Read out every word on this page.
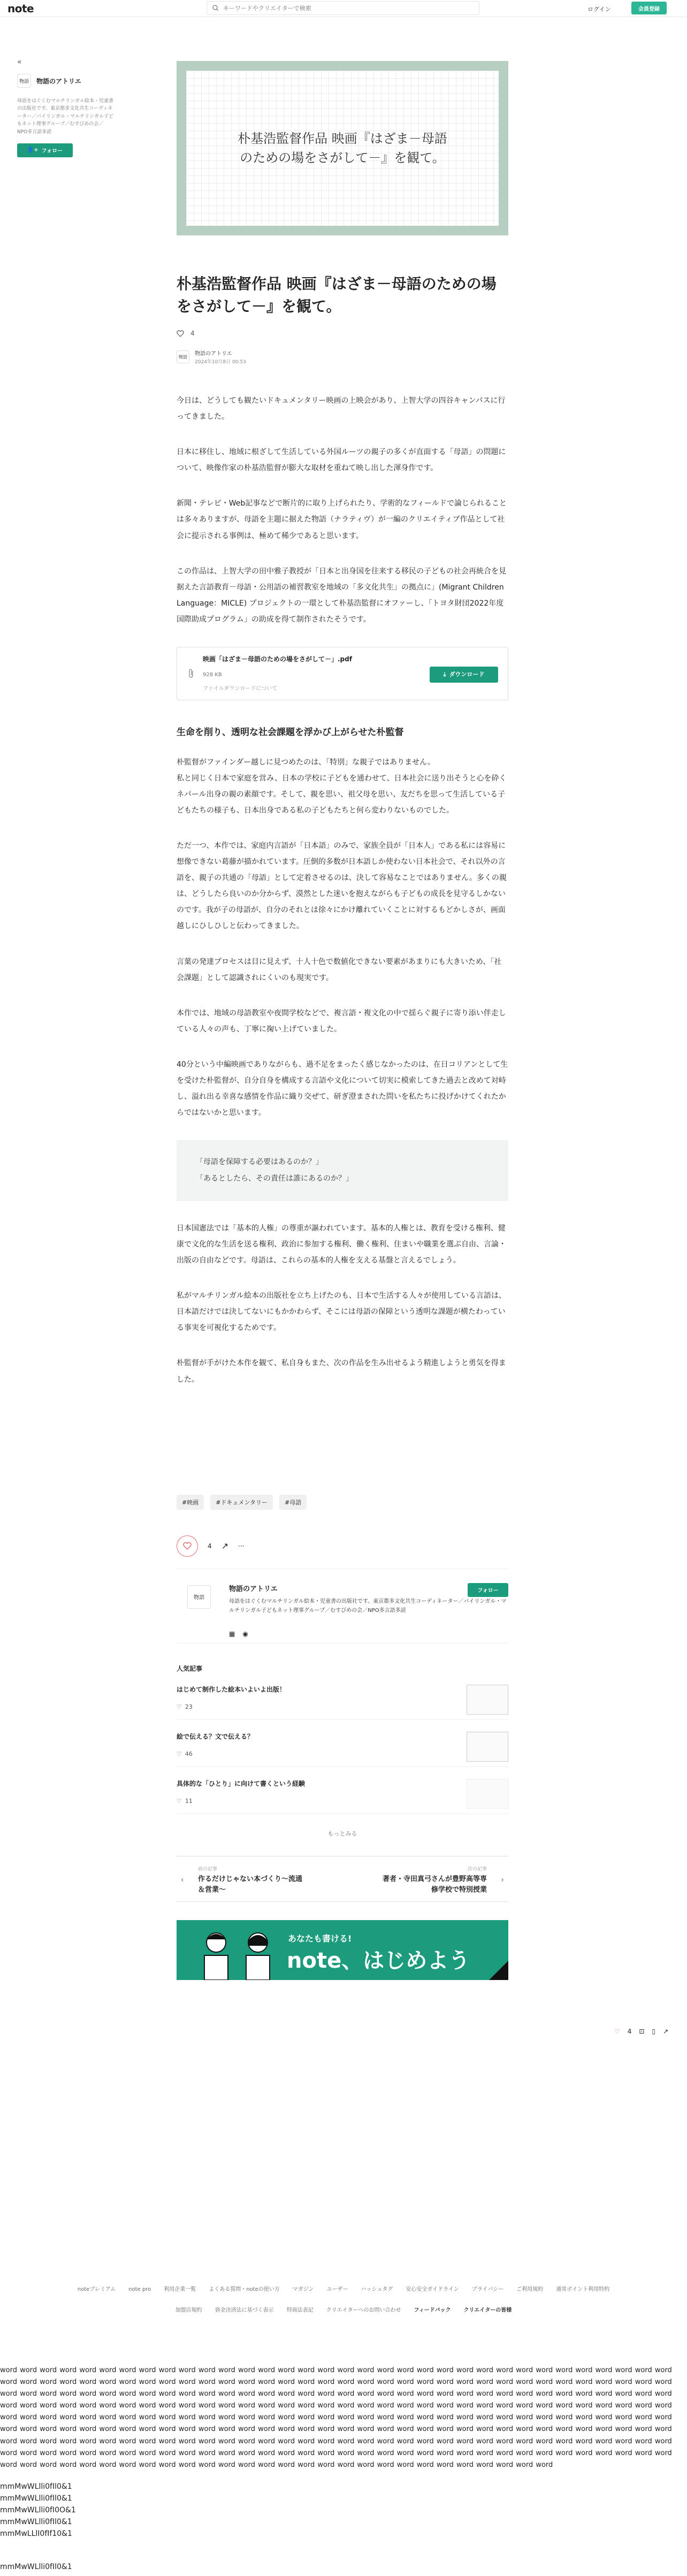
note
キーワードやクリエイターで検索	ログイン	会員登録
«
物語	物語のアトリエ
母語をはぐくむマルチリンガル絵本・児童書の出版社です。東京都多文化共生コーディネーター／バイリンガル・マルチリンガル子どもネット理事グループ／むすびめの会／NPO多言語多読
👤+ フォロー
朴基浩監督作品 映画『はざま－母語
のための場をさがして－』を観て。
朴基浩監督作品 映画『はざま－母語のための場をさがして－』を観て。
4
物語	物語のアトリエ
2024年10月8日 00:53

今日は、どうしても観たいドキュメンタリー映画の上映会があり、上智大学の四谷キャンパスに行ってきました。

日本に移住し、地域に根ざして生活している外国ルーツの親子の多くが直面する「母語」の問題について、映像作家の朴基浩監督が膨大な取材を重ねて映し出した渾身作です。

新聞・テレビ・Web記事などで断片的に取り上げられたり、学術的なフィールドで論じられることは多々ありますが、母語を主題に据えた物語（ナラティヴ）が一編のクリエイティブ作品として社会に提示される事例は、極めて稀少であると思います。

この作品は、上智大学の田中雅子教授が「日本と出身国を往来する移民の子どもの社会再統合を見据えた言語教育－母語・公用語の補習教室を地域の「多文化共生」の拠点に」(Migrant Children Language：MICLE) プロジェクトの一環として朴基浩監督にオファーし、「トヨタ財団2022年度国際助成プログラム」の助成を得て制作されたそうです。

映画「はざま－母語のための場をさがして－」.pdf
928 KB
ファイルダウンロードについて
⤓ ダウンロード
生命を削り、透明な社会課題を浮かび上がらせた朴監督

朴監督がファインダー越しに見つめたのは、「特別」な親子ではありません。
私と同じく日本で家庭を営み、日本の学校に子どもを通わせて、日本社会に送り出そうと心を砕くネパール出身の親の素顔です。そして、親を思い、祖父母を思い、友だちを思って生活している子どもたちの様子も、日本出身である私の子どもたちと何ら変わりないものでした。

ただ一つ、本作では、家庭内言語が「日本語」のみで、家族全員が「日本人」である私には容易に想像できない葛藤が描かれています。圧倒的多数が日本語しか使わない日本社会で、それ以外の言語を、親子の共通の「母語」として定着させるのは、決して容易なことではありません。多くの親は、どうしたら良いのか分からず、漠然とした迷いを抱えながらも子どもの成長を見守るしかないのです。我が子の母語が、自分のそれとは徐々にかけ離れていくことに対するもどかしさが、画面越しにひしひしと伝わってきました。

言葉の発達プロセスは目に見えず、十人十色で数値化できない要素があまりにも大きいため、「社会課題」として認識されにくいのも現実です。

本作では、地域の母語教室や夜間学校などで、複言語・複文化の中で揺らぐ親子に寄り添い伴走している人々の声も、丁寧に掬い上げていました。

40分という中編映画でありながらも、過不足をまったく感じなかったのは、在日コリアンとして生を受けた朴監督が、自分自身を構成する言語や文化について切実に模索してきた過去と改めて対峙し、溢れ出る幸喜な感情を作品に織り交ぜて、研ぎ澄まされた問いを私たちに投げかけてくれたからではないかと思います。

「母語を保障する必要はあるのか？」
「あるとしたら、その責任は誰にあるのか？」

日本国憲法では「基本的人権」の尊重が謳われています。基本的人権とは、教育を受ける権利、健康で文化的な生活を送る権利、政治に参加する権利、働く権利、住まいや職業を選ぶ自由、言論・出版の自由などです。母語は、これらの基本的人権を支える基盤と言えるでしょう。

私がマルチリンガル絵本の出版社を立ち上げたのも、日本で生活する人々が使用している言語は、日本語だけでは決してないにもかかわらず、そこには母語の保障という透明な課題が横たわっている事実を可視化するためです。

朴監督が手がけた本作を観て、私自身もまた、次の作品を生み出せるよう精進しようと勇気を得ました。

#映画	#ドキュメンタリー	#母語
4 ↗ ···
物語
物語のアトリエ
母語をはぐくむマルチリンガル絵本・児童書の出版社です。東京都多文化共生コーディネーター／バイリンガル・マルチリンガル子どもネット理事グループ／むすびめの会／NPO多言語多読
フォロー
▦ ◉
人気記事
はじめて制作した絵本いよいよ出版！
♡ 23
絵で伝える？文で伝える？
♡ 46
具体的な「ひとり」に向けて書くという経験
♡ 11
もっとみる
‹
前の記事
作るだけじゃない本づくり～流通
＆営業～
次の記事
著者・寺田真弓さんが豊野高等専
修学校で特別授業
›
あなたも書ける!
note、はじめよう
♡ 4 ⊡ ▯ ↗
noteプレミアム note pro 利用企業一覧 よくある質問・noteの使い方 マガジン ユーザー ハッシュタグ 安心安全ガイドライン プライバシー ご利用規約 通常ポイント利用特約
加盟店規約 資金決済法に基づく表示 特商法表記 クリエイターへのお問い合わせ フィードバック クリエイターの皆様
word word word word word word word word word word word word word word word word word word word word word word word word word word word word word word word word word word word word word word word word word word word word word word word word word word word word word word word word word word word word word word word word word word word word word word word word word word word word word word word word word word word word word word word word word word word word word word word word word word word word word word word word word word word word word word word word word word word word word word word word word word word word word word word word word word word word word word word word word word word word word word word word word word word word word word word word word word word word word word word word word word word word word word word word word word word word word word word word word word word word word word word word word word word word word word word word word word word word word word word word word word word word word word word word word word word word word word word word word word word word word word word word word word word word word word word word word word word word word word word word word word word word word word word word word word word word word word word word word word word word word word word word word word word word word word word word word word word word word word word word word word word word word word word word word word word word word word word word word word word word
mmMwWLlli0fIl0&1
mmMwWLlli0fIl0&1
mmMwWLlli0fI0O&1
mmMwWLlli0fIl0&1
mmMwLLlI0fIf10&1
mmMwWLlli0fIl0&1
